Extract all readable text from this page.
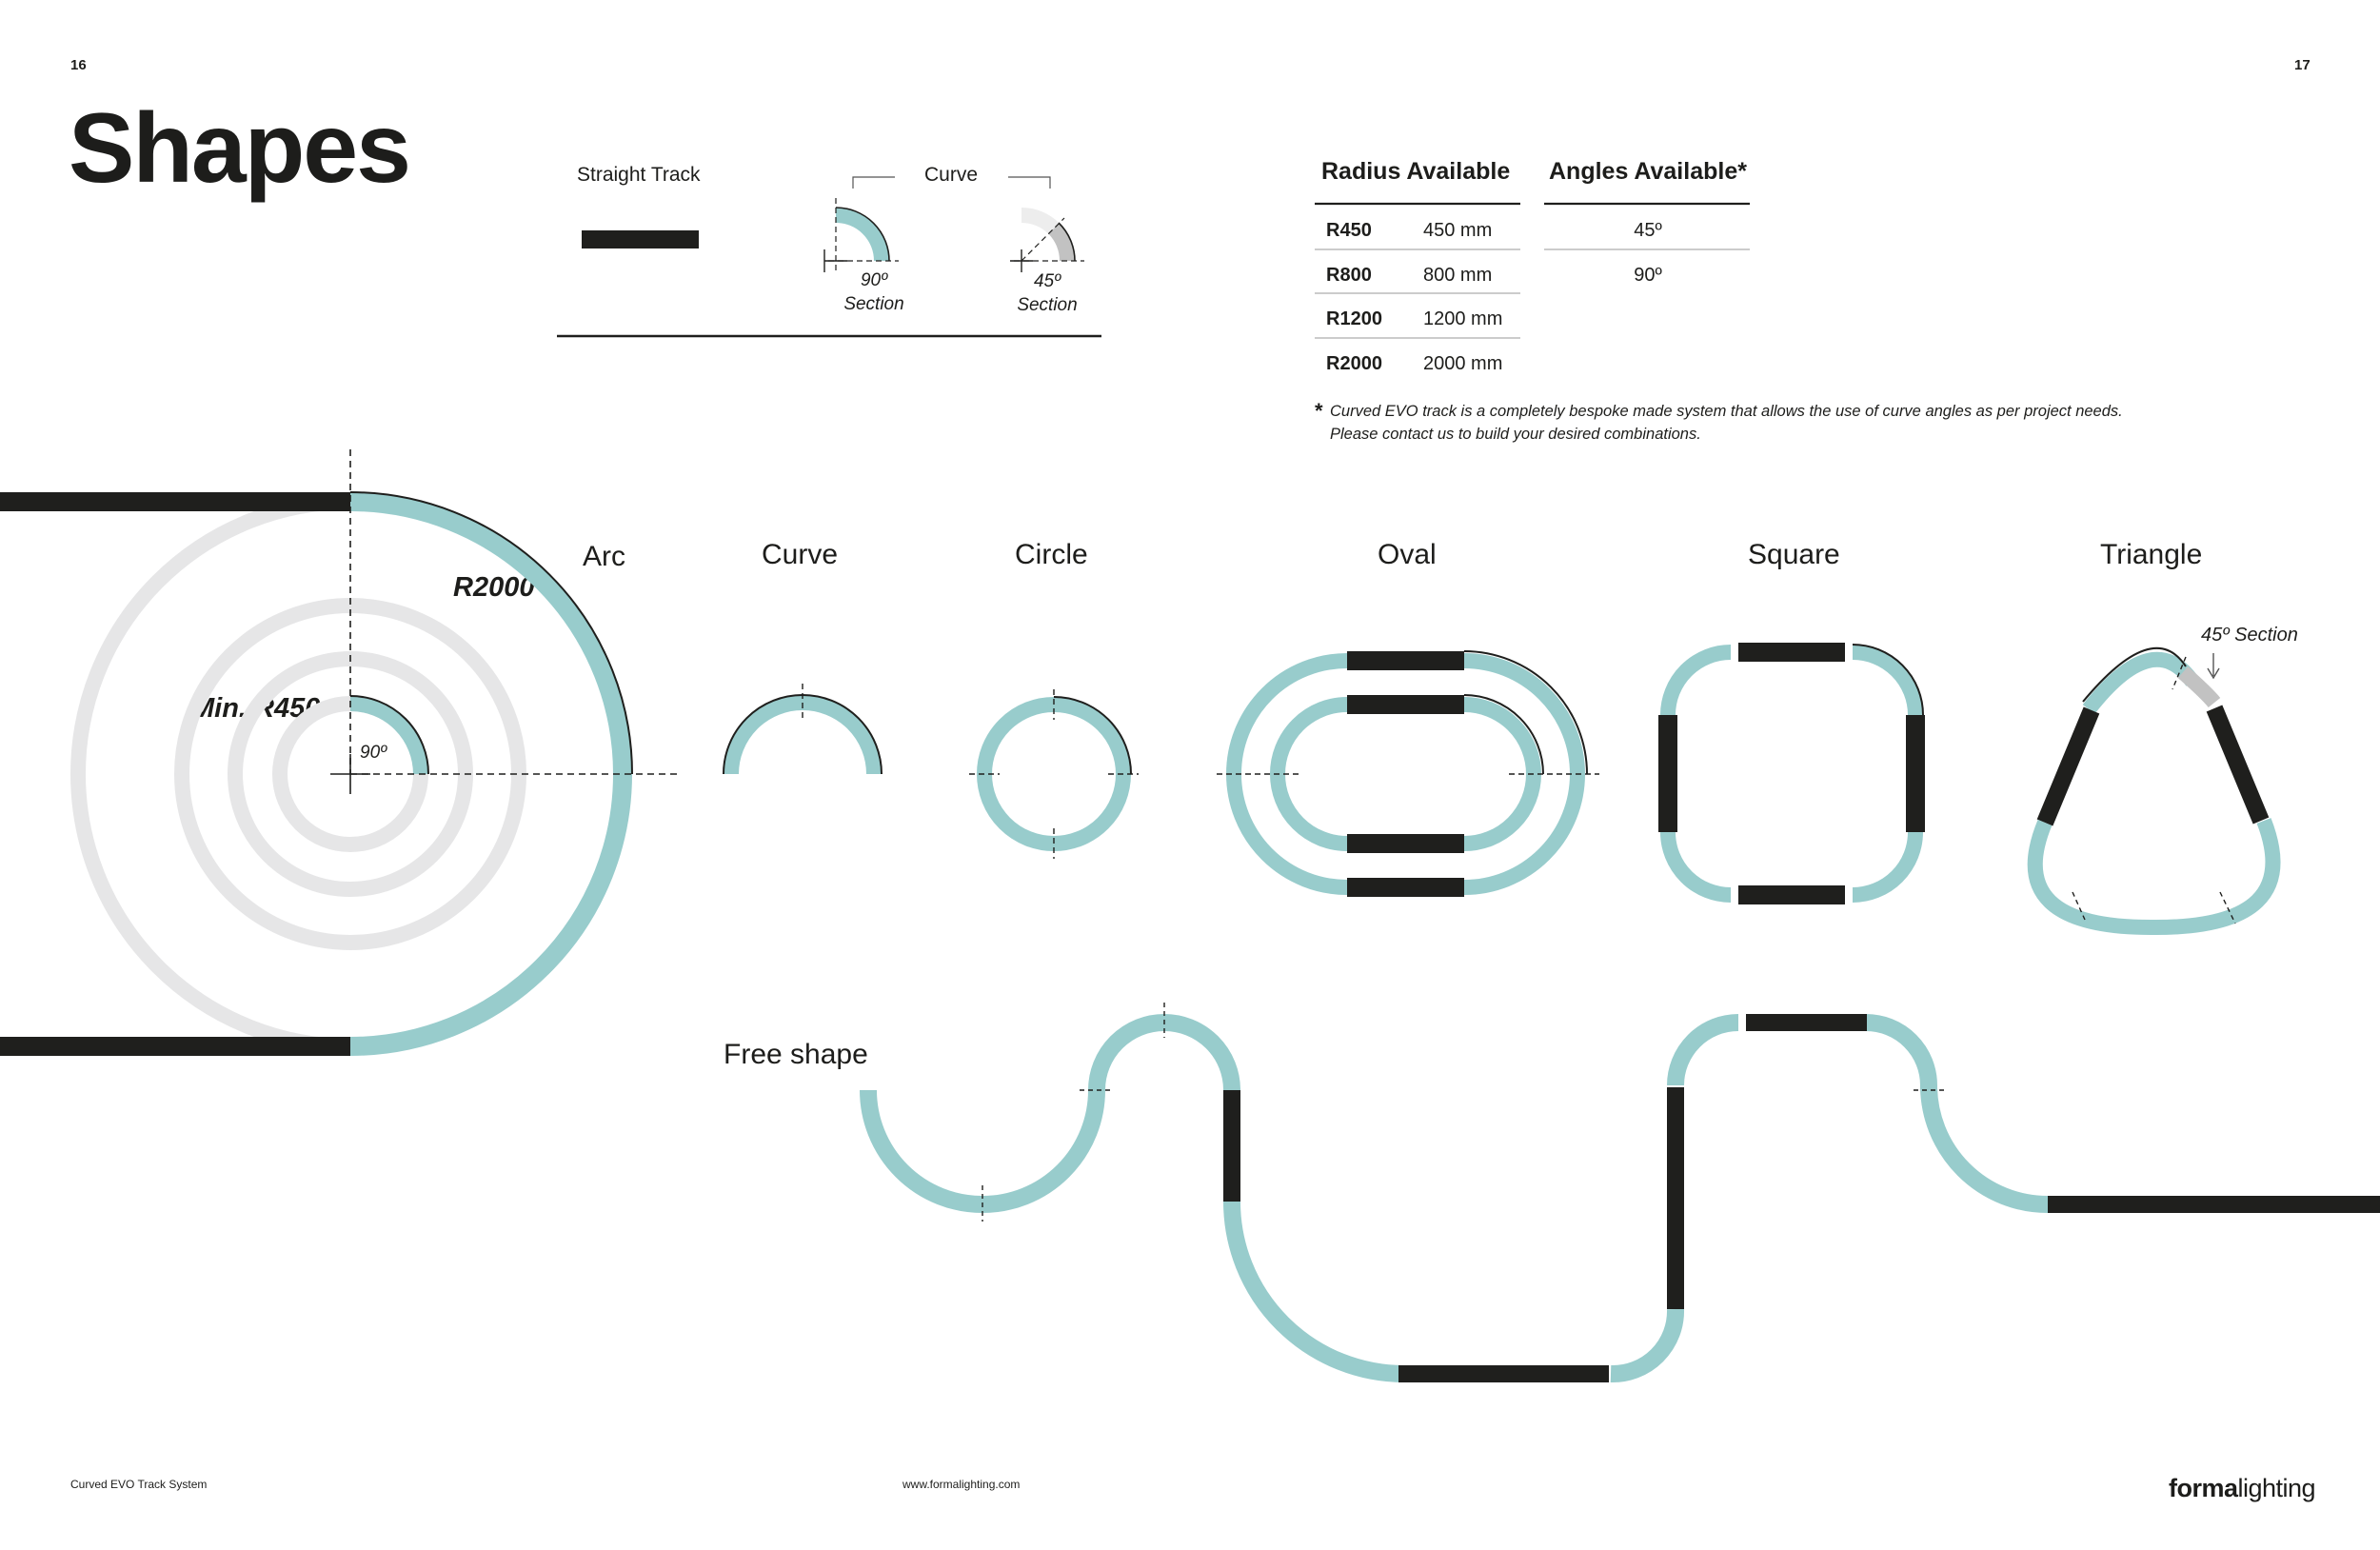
16	17
Shapes	Straight Track	Curve
90º
Section
45º
Section
Radius Available
R450	450 mm
R800	800 mm
R1200 1200 mm
R2000 2000 mm
Angles Available*
45º
90º
* Curved EVO track is a completely bespoke made system that allows the use of curve angles as per project needs.
Please contact us to build your desired combinations.
R2000
Min. R450
90º
Arc	Curve	Circle	Oval	Square	Triangle
45º Section
Free shape
Curved EVO Track System	www.formalighting.com	formalighting
